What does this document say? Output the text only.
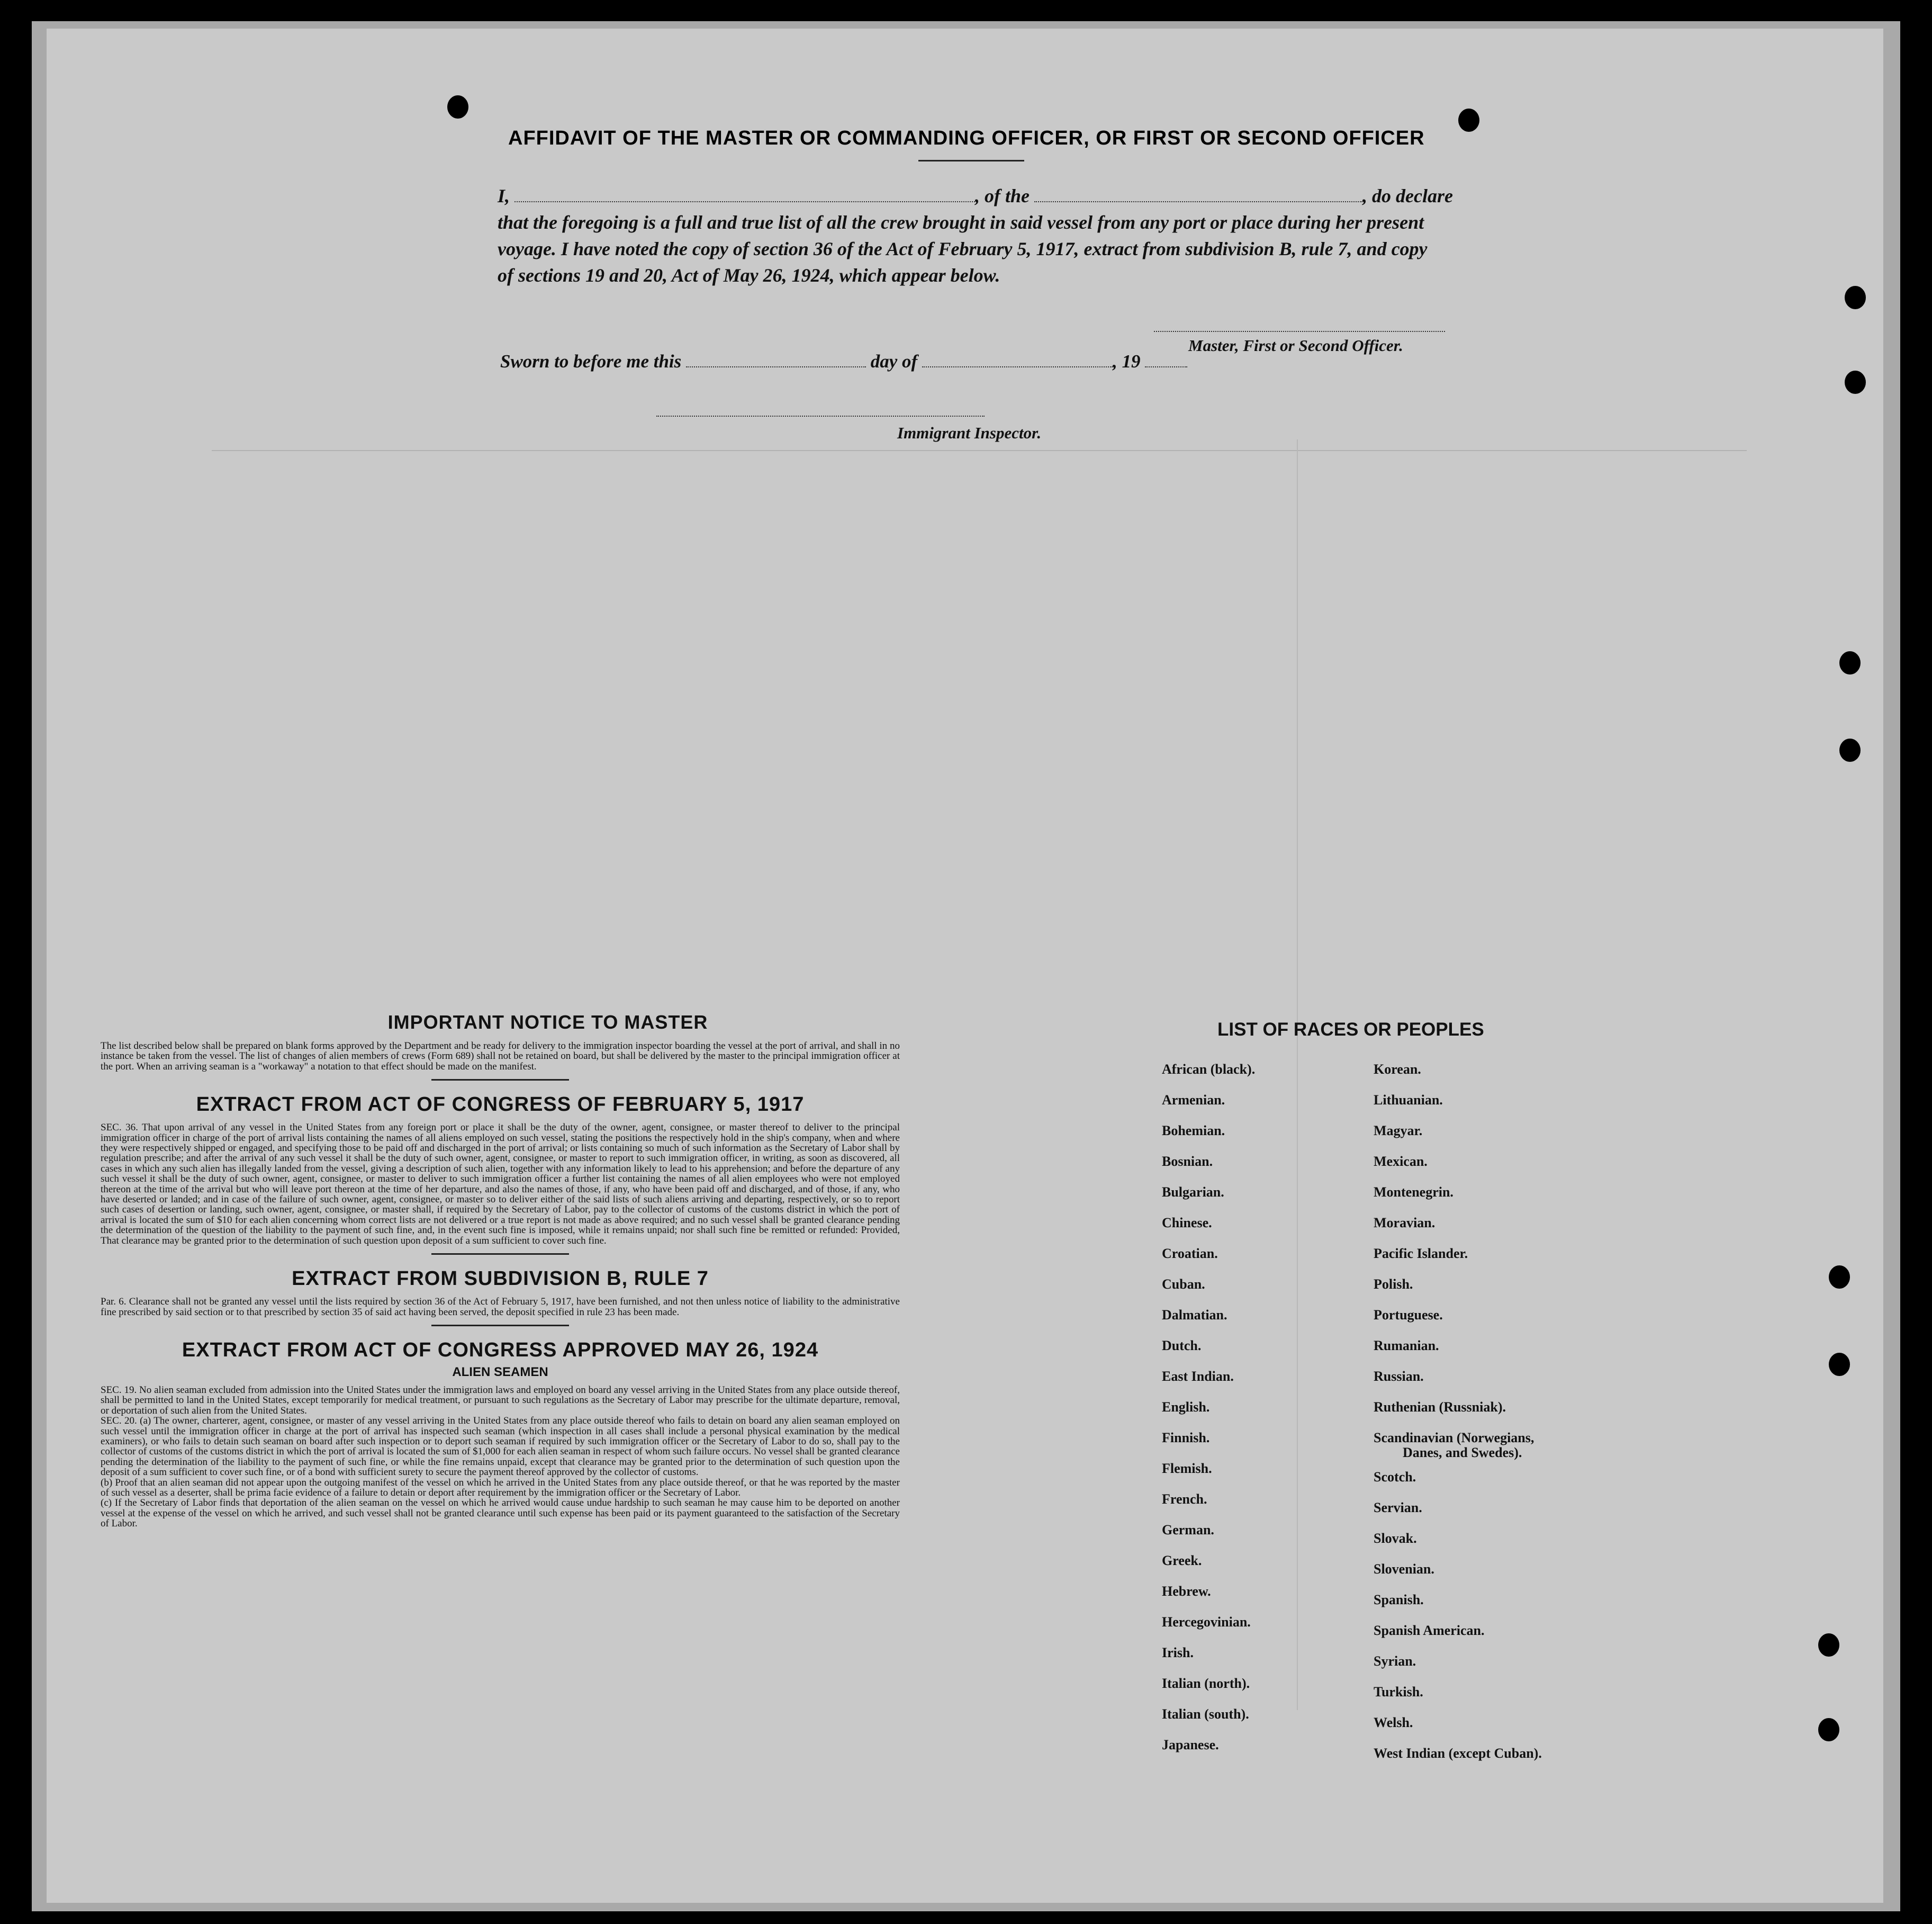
AFFIDAVIT OF THE MASTER OR COMMANDING OFFICER, OR FIRST OR SECOND OFFICER
I,	, of the	, do declare
that the foregoing is a full and true list of all the crew brought in said vessel from any port or place during her present
voyage. I have noted the copy of section 36 of the Act of February 5, 1917, extract from subdivision B, rule 7, and copy
of sections 19 and 20, Act of May 26, 1924, which appear below.
Master, First or Second Officer.
Sworn to before me this	day of	, 19
Immigrant Inspector.
IMPORTANT NOTICE TO MASTER

The list described below shall be prepared on blank forms approved by the Department and be ready for delivery to the immigration inspector boarding the vessel at the port of arrival, and shall in no instance be taken from the vessel. The list of changes of alien members of crews (Form 689) shall not be retained on board, but shall be delivered by the master to the principal immigration officer at the port. When an arriving seaman is a "workaway" a notation to that effect should be made on the manifest.

EXTRACT FROM ACT OF CONGRESS OF FEBRUARY 5, 1917

SEC. 36. That upon arrival of any vessel in the United States from any foreign port or place it shall be the duty of the owner, agent, consignee, or master thereof to deliver to the principal immigration officer in charge of the port of arrival lists containing the names of all aliens employed on such vessel, stating the positions the respectively hold in the ship's company, when and where they were respectively shipped or engaged, and specifying those to be paid off and discharged in the port of arrival; or lists containing so much of such information as the Secretary of Labor shall by regulation prescribe; and after the arrival of any such vessel it shall be the duty of such owner, agent, consignee, or master to report to such immigration officer, in writing, as soon as discovered, all cases in which any such alien has illegally landed from the vessel, giving a description of such alien, together with any information likely to lead to his apprehension; and before the departure of any such vessel it shall be the duty of such owner, agent, consignee, or master to deliver to such immigration officer a further list containing the names of all alien employees who were not employed thereon at the time of the arrival but who will leave port thereon at the time of her departure, and also the names of those, if any, who have been paid off and discharged, and of those, if any, who have deserted or landed; and in case of the failure of such owner, agent, consignee, or master so to deliver either of the said lists of such aliens arriving and departing, respectively, or so to report such cases of desertion or landing, such owner, agent, consignee, or master shall, if required by the Secretary of Labor, pay to the collector of customs of the customs district in which the port of arrival is located the sum of $10 for each alien concerning whom correct lists are not delivered or a true report is not made as above required; and no such vessel shall be granted clearance pending the determination of the question of the liability to the payment of such fine, and, in the event such fine is imposed, while it remains unpaid; nor shall such fine be remitted or refunded: Provided, That clearance may be granted prior to the determination of such question upon deposit of a sum sufficient to cover such fine.

EXTRACT FROM SUBDIVISION B, RULE 7

Par. 6. Clearance shall not be granted any vessel until the lists required by section 36 of the Act of February 5, 1917, have been furnished, and not then unless notice of liability to the administrative fine prescribed by said section or to that prescribed by section 35 of said act having been served, the deposit specified in rule 23 has been made.

EXTRACT FROM ACT OF CONGRESS APPROVED MAY 26, 1924
ALIEN SEAMEN

SEC. 19. No alien seaman excluded from admission into the United States under the immigration laws and employed on board any vessel arriving in the United States from any place outside thereof, shall be permitted to land in the United States, except temporarily for medical treatment, or pursuant to such regulations as the Secretary of Labor may prescribe for the ultimate departure, removal, or deportation of such alien from the United States.

SEC. 20. (a) The owner, charterer, agent, consignee, or master of any vessel arriving in the United States from any place outside thereof who fails to detain on board any alien seaman employed on such vessel until the immigration officer in charge at the port of arrival has inspected such seaman (which inspection in all cases shall include a personal physical examination by the medical examiners), or who fails to detain such seaman on board after such inspection or to deport such seaman if required by such immigration officer or the Secretary of Labor to do so, shall pay to the collector of customs of the customs district in which the port of arrival is located the sum of $1,000 for each alien seaman in respect of whom such failure occurs. No vessel shall be granted clearance pending the determination of the liability to the payment of such fine, or while the fine remains unpaid, except that clearance may be granted prior to the determination of such question upon the deposit of a sum sufficient to cover such fine, or of a bond with sufficient surety to secure the payment thereof approved by the collector of customs.

(b) Proof that an alien seaman did not appear upon the outgoing manifest of the vessel on which he arrived in the United States from any place outside thereof, or that he was reported by the master of such vessel as a deserter, shall be prima facie evidence of a failure to detain or deport after requirement by the immigration officer or the Secretary of Labor.

(c) If the Secretary of Labor finds that deportation of the alien seaman on the vessel on which he arrived would cause undue hardship to such seaman he may cause him to be deported on another vessel at the expense of the vessel on which he arrived, and such vessel shall not be granted clearance until such expense has been paid or its payment guaranteed to the satisfaction of the Secretary of Labor.

LIST OF RACES OR PEOPLES
African (black).
Armenian.
Bohemian.
Bosnian.
Bulgarian.
Chinese.
Croatian.
Cuban.
Dalmatian.
Dutch.
East Indian.
English.
Finnish.
Flemish.
French.
German.
Greek.
Hebrew.
Hercegovinian.
Irish.
Italian (north).
Italian (south).
Japanese.
Korean.
Lithuanian.
Magyar.
Mexican.
Montenegrin.
Moravian.
Pacific Islander.
Polish.
Portuguese.
Rumanian.
Russian.
Ruthenian (Russniak).
Scandinavian (Norwegians,
Danes, and Swedes).
Scotch.
Servian.
Slovak.
Slovenian.
Spanish.
Spanish American.
Syrian.
Turkish.
Welsh.
West Indian (except Cuban).
